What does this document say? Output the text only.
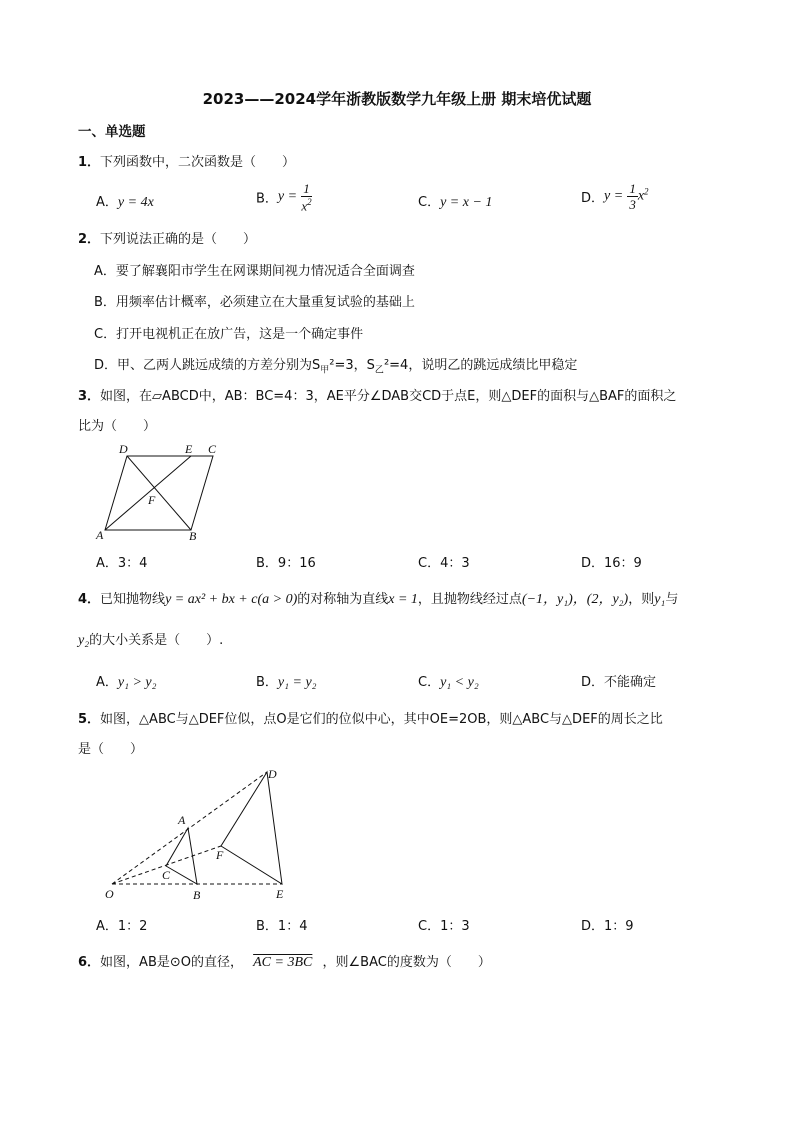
2023——2024学年浙教版数学九年级上册 期末培优试题
一、单选题
1．下列函数中，二次函数是（　　）
A．y = 4x	B．$y = \frac{1}{x^2}$	C．y = x − 1	D．$y = \frac{1}{3} x^2$
2．下列说法正确的是（　　）
A．要了解襄阳市学生在网课期间视力情况适合全面调查
B．用频率估计概率，必须建立在大量重复试验的基础上
C．打开电视机正在放广告，这是一个确定事件
D．甲、乙两人跳远成绩的方差分别为$S_甲^2=3$，$S_乙^2=4$，说明乙的跳远成绩比甲稳定
3．如图，在▱ABCD中，AB：BC=4：3，AE平分∠DAB交CD于点E，则△DEF的面积与△BAF的面积之
比为（　　）
D	E C
F
A	B
A．3：4	B．9：16	C．4：3	D．16：9
4．已知抛物线y = ax² + bx + c(a > 0)的对称轴为直线x = 1，且抛物线经过点(−1，y₁)，(2，y₂)，则y₁与
y₂的大小关系是（　　）.
A．y₁ > y₂	B．y₁ = y₂	C．y₁ < y₂	D．不能确定
5．如图，△ABC与△DEF位似，点O是它们的位似中心，其中OE=2OB，则△ABC与△DEF的周长之比
是（　　）
D
A
F
C
O	B	E
A．1：2	B．1：4	C．1：3	D．1：9
6．如图，AB是⊙O的直径， AC = 3BC ，则∠BAC的度数为（　　）
